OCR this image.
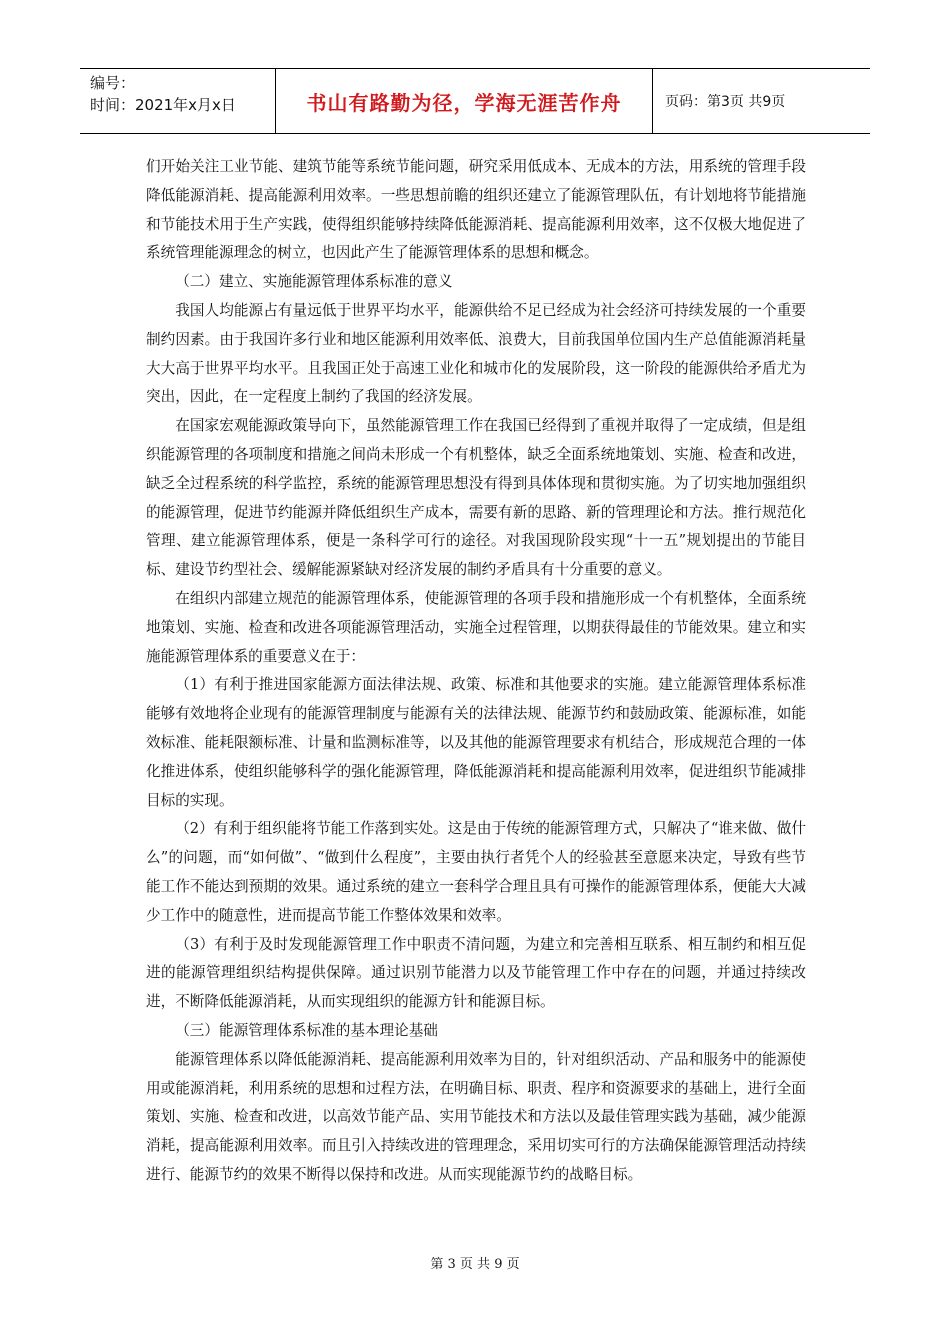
编号：
时间：2021年x月x日	书山有路勤为径，学海无涯苦作舟	页码：第3页 共9页

们开始关注工业节能、建筑节能等系统节能问题，研究采用低成本、无成本的方法，用系统的管理手段降低能源消耗、提高能源利用效率。一些思想前瞻的组织还建立了能源管理队伍，有计划地将节能措施和节能技术用于生产实践，使得组织能够持续降低能源消耗、提高能源利用效率，这不仅极大地促进了系统管理能源理念的树立，也因此产生了能源管理体系的思想和概念。

（二）建立、实施能源管理体系标准的意义

我国人均能源占有量远低于世界平均水平，能源供给不足已经成为社会经济可持续发展的一个重要制约因素。由于我国许多行业和地区能源利用效率低、浪费大，目前我国单位国内生产总值能源消耗量大大高于世界平均水平。且我国正处于高速工业化和城市化的发展阶段，这一阶段的能源供给矛盾尤为突出，因此，在一定程度上制约了我国的经济发展。

在国家宏观能源政策导向下，虽然能源管理工作在我国已经得到了重视并取得了一定成绩，但是组织能源管理的各项制度和措施之间尚未形成一个有机整体，缺乏全面系统地策划、实施、检查和改进，缺乏全过程系统的科学监控，系统的能源管理思想没有得到具体体现和贯彻实施。为了切实地加强组织的能源管理，促进节约能源并降低组织生产成本，需要有新的思路、新的管理理论和方法。推行规范化管理、建立能源管理体系，便是一条科学可行的途径。对我国现阶段实现“十一五”规划提出的节能目标、建设节约型社会、缓解能源紧缺对经济发展的制约矛盾具有十分重要的意义。

在组织内部建立规范的能源管理体系，使能源管理的各项手段和措施形成一个有机整体，全面系统地策划、实施、检查和改进各项能源管理活动，实施全过程管理，以期获得最佳的节能效果。建立和实施能源管理体系的重要意义在于：

（1）有利于推进国家能源方面法律法规、政策、标准和其他要求的实施。建立能源管理体系标准能够有效地将企业现有的能源管理制度与能源有关的法律法规、能源节约和鼓励政策、能源标准，如能效标准、能耗限额标准、计量和监测标准等，以及其他的能源管理要求有机结合，形成规范合理的一体化推进体系，使组织能够科学的强化能源管理，降低能源消耗和提高能源利用效率，促进组织节能减排目标的实现。

（2）有利于组织能将节能工作落到实处。这是由于传统的能源管理方式，只解决了“谁来做、做什么”的问题，而“如何做”、“做到什么程度”，主要由执行者凭个人的经验甚至意愿来决定，导致有些节能工作不能达到预期的效果。通过系统的建立一套科学合理且具有可操作的能源管理体系，便能大大减少工作中的随意性，进而提高节能工作整体效果和效率。

（3）有利于及时发现能源管理工作中职责不清问题，为建立和完善相互联系、相互制约和相互促进的能源管理组织结构提供保障。通过识别节能潜力以及节能管理工作中存在的问题，并通过持续改进，不断降低能源消耗，从而实现组织的能源方针和能源目标。

（三）能源管理体系标准的基本理论基础

能源管理体系以降低能源消耗、提高能源利用效率为目的，针对组织活动、产品和服务中的能源使用或能源消耗，利用系统的思想和过程方法，在明确目标、职责、程序和资源要求的基础上，进行全面策划、实施、检查和改进，以高效节能产品、实用节能技术和方法以及最佳管理实践为基础，减少能源消耗，提高能源利用效率。而且引入持续改进的管理理念，采用切实可行的方法确保能源管理活动持续进行、能源节约的效果不断得以保持和改进。从而实现能源节约的战略目标。

第 3 页 共 9 页
